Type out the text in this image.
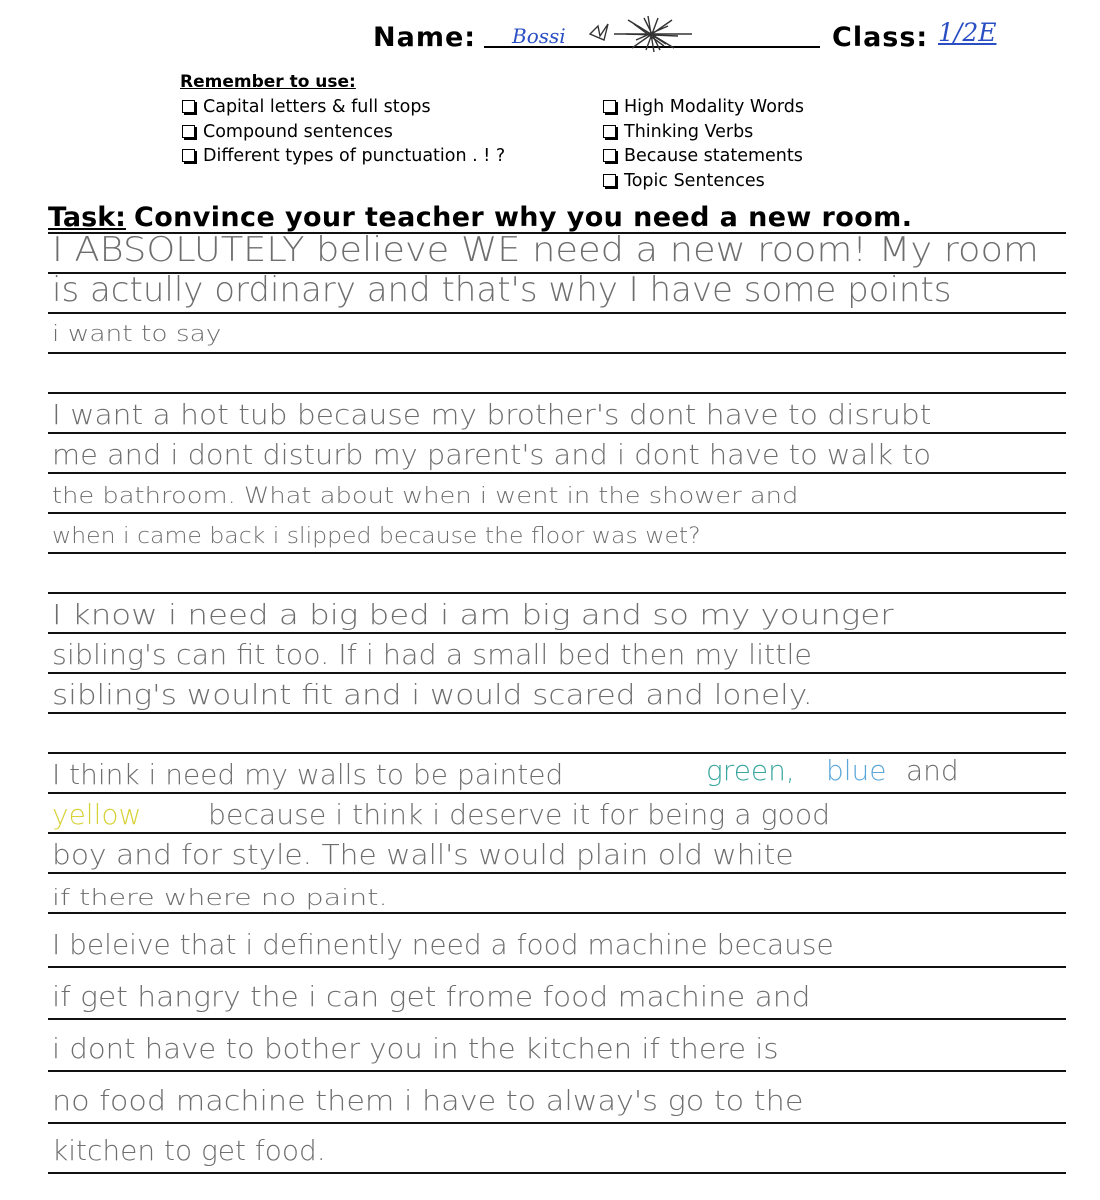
Name: Bossi	Class: 1/2E
Remember to use:
Capital letters & full stops
Compound sentences
Different types of punctuation . ! ?
High Modality Words
Thinking Verbs
Because statements
Topic Sentences
Task: Convince your teacher why you need a new room.
I ABSOLUTELY believe WE need a new room! My room
is actully ordinary and that's why I have some points
i want to say
I want a hot tub because my brother's dont have to disrubt
me and i dont disturb my parent's and i dont have to walk to
the bathroom. What about when i went in the shower and
when i came back i slipped because the floor was wet?
I know i need a big bed i am big and so my younger
sibling's can fit too. If i had a small bed then my little
sibling's woulnt fit and i would scared and lonely.
I think i need my walls to be painted	green, blue and
yellow because i think i deserve it for being a good
boy and for style. The wall's would plain old white
if there where no paint.
I beleive that i definently need a food machine because
if get hangry the i can get frome food machine and
i dont have to bother you in the kitchen if there is
no food machine them i have to alway's go to the
kitchen to get food.
